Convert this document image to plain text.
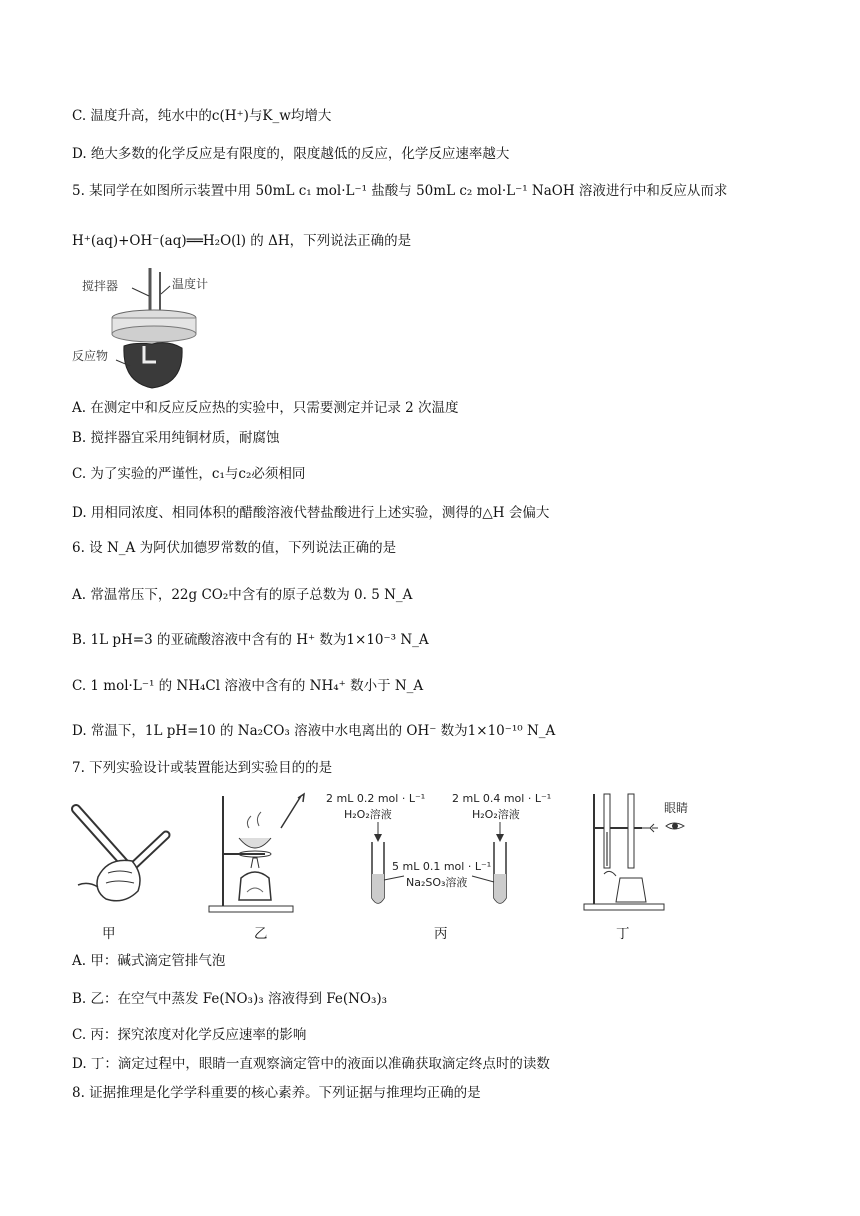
C. 温度升高，纯水中的c(H⁺)与K_w均增大
D. 绝大多数的化学反应是有限度的，限度越低的反应，化学反应速率越大
5. 某同学在如图所示装置中用 50mL c₁ mol·L⁻¹ 盐酸与 50mL c₂ mol·L⁻¹ NaOH 溶液进行中和反应从而求
H⁺(aq)+OH⁻(aq)══H₂O(l) 的 ΔH，下列说法正确的是
搅拌器	温度计
反应物
A. 在测定中和反应反应热的实验中，只需要测定并记录 2 次温度
B. 搅拌器宜采用纯铜材质，耐腐蚀
C. 为了实验的严谨性，c₁与c₂必须相同
D. 用相同浓度、相同体积的醋酸溶液代替盐酸进行上述实验，测得的△H 会偏大
6. 设 N_A 为阿伏加德罗常数的值，下列说法正确的是
A. 常温常压下，22g CO₂中含有的原子总数为 0. 5 N_A
B. 1L pH=3 的亚硫酸溶液中含有的 H⁺ 数为1×10⁻³ N_A
C. 1 mol·L⁻¹ 的 NH₄Cl 溶液中含有的 NH₄⁺ 数小于 N_A
D. 常温下，1L pH=10 的 Na₂CO₃ 溶液中水电离出的 OH⁻ 数为1×10⁻¹⁰ N_A
7. 下列实验设计或装置能达到实验目的的是
2 mL 0.2 mol · L⁻¹
H₂O₂溶液
2 mL 0.4 mol · L⁻¹
H₂O₂溶液
5 mL 0.1 mol · L⁻¹
Na₂SO₃溶液
眼睛
甲	乙	丙	丁
A. 甲：碱式滴定管排气泡
B. 乙：在空气中蒸发 Fe(NO₃)₃ 溶液得到 Fe(NO₃)₃
C. 丙：探究浓度对化学反应速率的影响
D. 丁：滴定过程中，眼睛一直观察滴定管中的液面以准确获取滴定终点时的读数
8. 证据推理是化学学科重要的核心素养。下列证据与推理均正确的是
